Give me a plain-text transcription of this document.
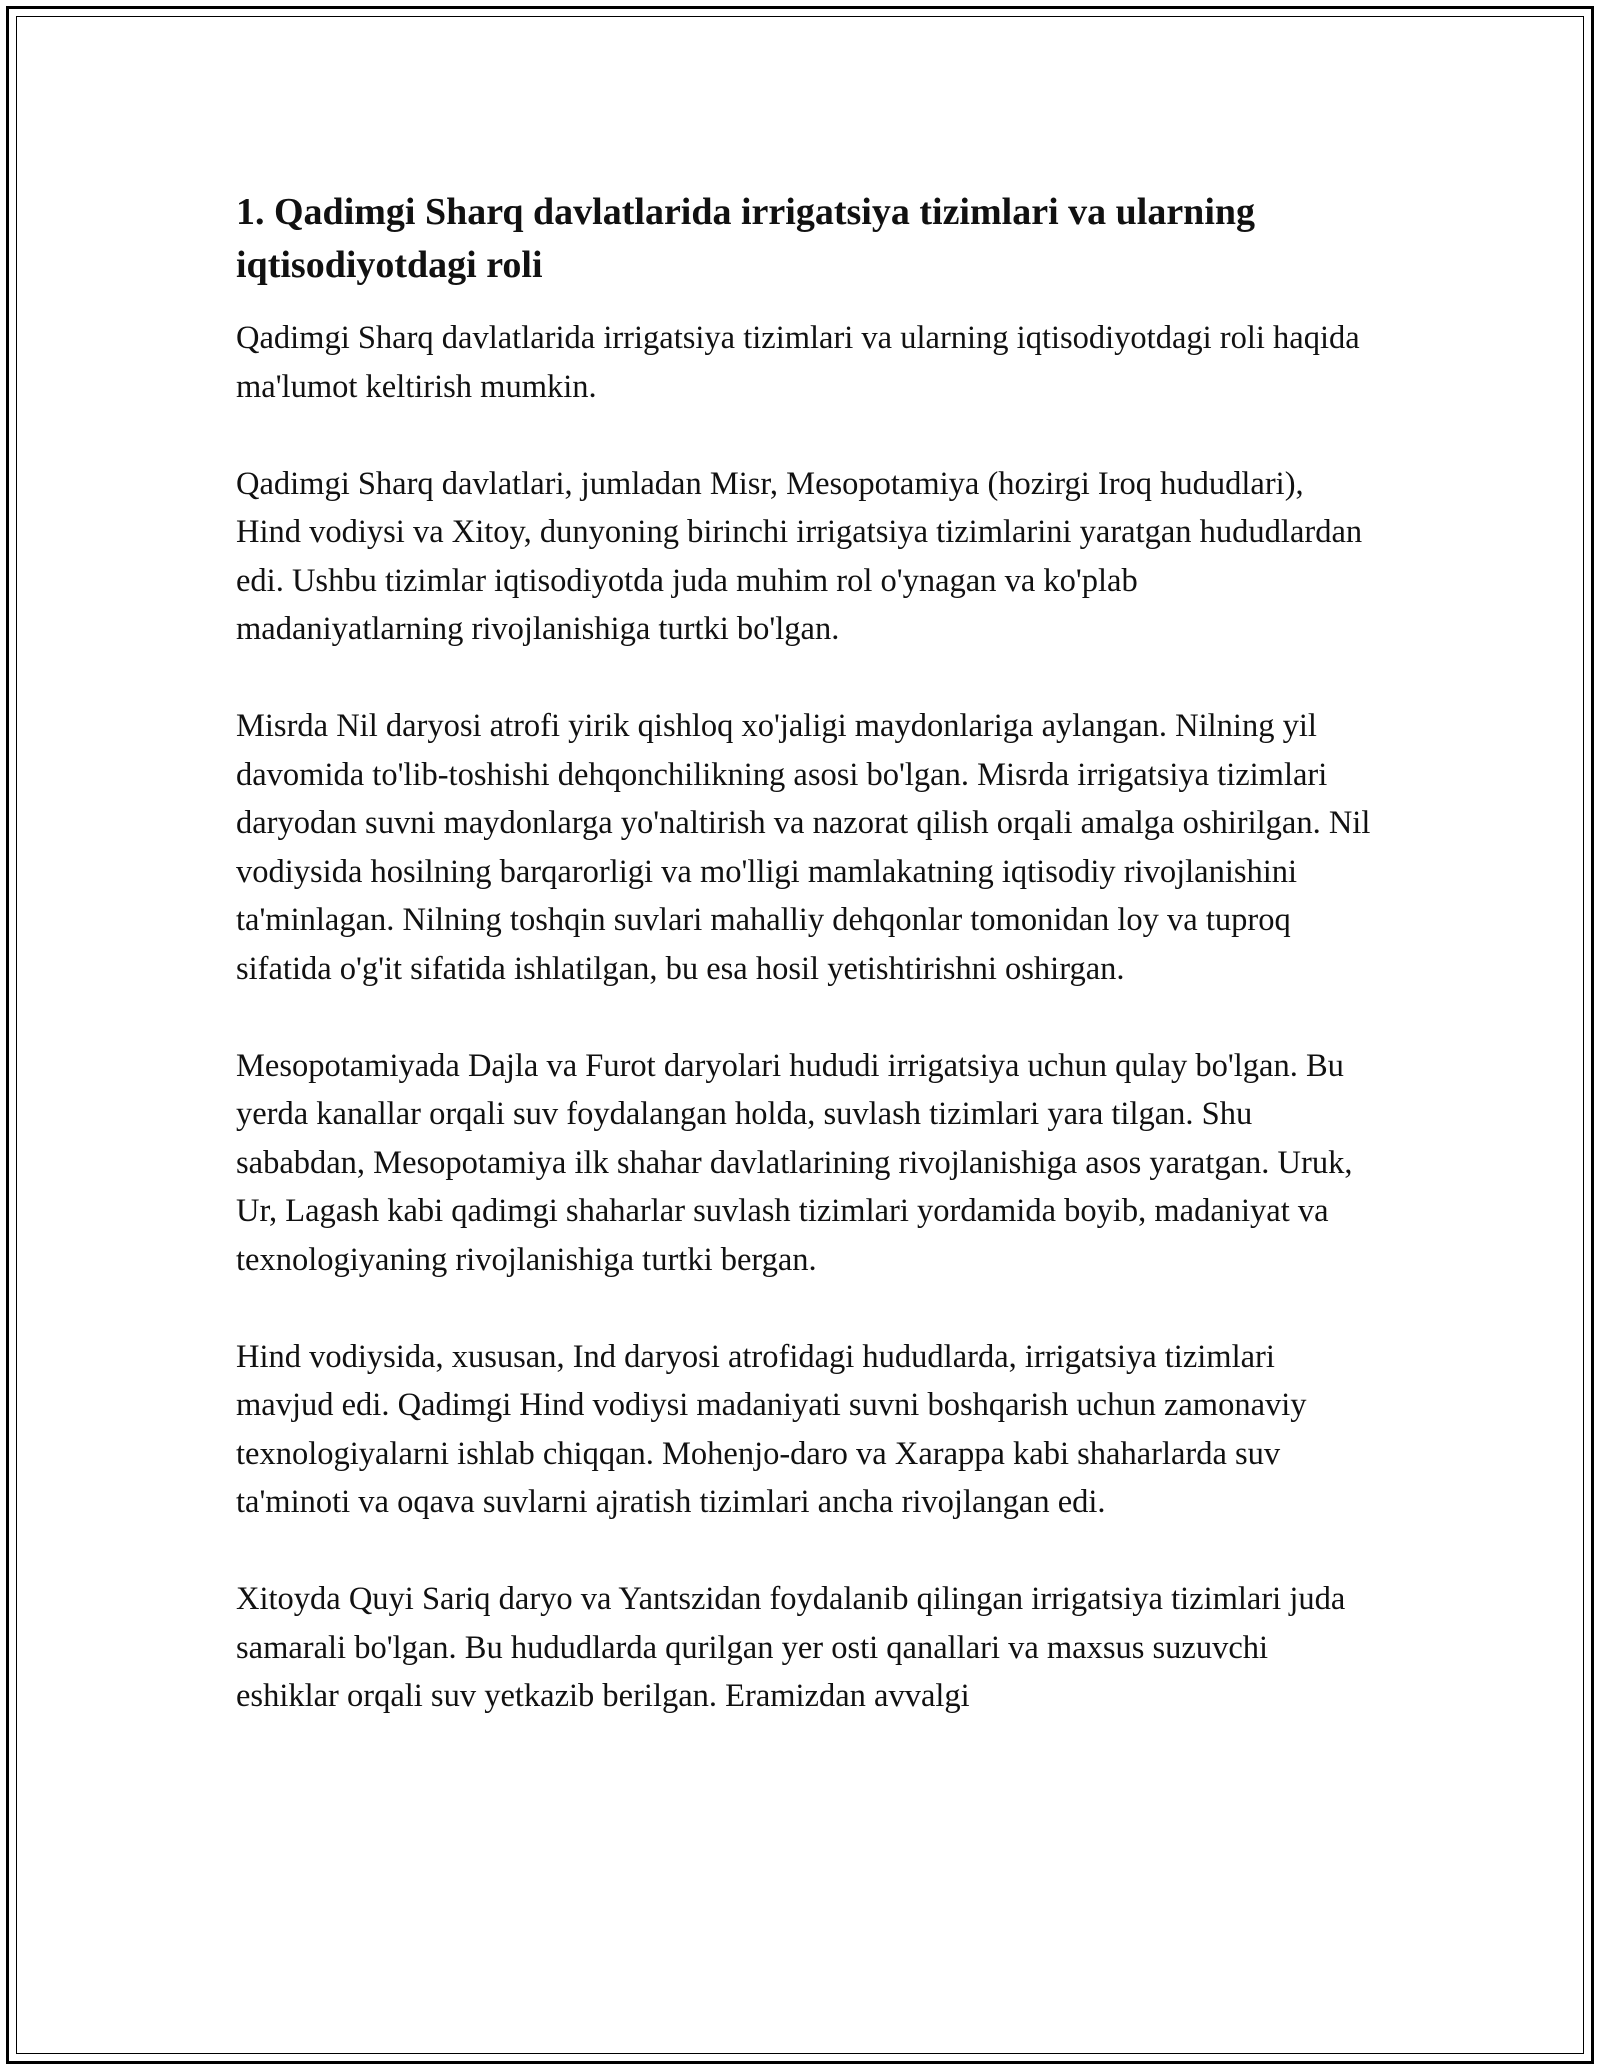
1. Qadimgi Sharq davlatlarida irrigatsiya tizimlari va ularning iqtisodiyotdagi roli

Qadimgi Sharq davlatlarida irrigatsiya tizimlari va ularning iqtisodiyotdagi roli haqida ma'lumot keltirish mumkin.

Qadimgi Sharq davlatlari, jumladan Misr, Mesopotamiya (hozirgi Iroq hududlari), Hind vodiysi va Xitoy, dunyoning birinchi irrigatsiya tizimlarini yaratgan hududlardan edi. Ushbu tizimlar iqtisodiyotda juda muhim rol o'ynagan va ko'plab madaniyatlarning rivojlanishiga turtki bo'lgan.

Misrda Nil daryosi atrofi yirik qishloq xo'jaligi maydonlariga aylangan. Nilning yil davomida to'lib-toshishi dehqonchilikning asosi bo'lgan. Misrda irrigatsiya tizimlari daryodan suvni maydonlarga yo'naltirish va nazorat qilish orqali amalga oshirilgan. Nil vodiysida hosilning barqarorligi va mo'lligi mamlakatning iqtisodiy rivojlanishini ta'minlagan. Nilning toshqin suvlari mahalliy dehqonlar tomonidan loy va tuproq sifatida o'g'it sifatida ishlatilgan, bu esa hosil yetishtirishni oshirgan.

Mesopotamiyada Dajla va Furot daryolari hududi irrigatsiya uchun qulay bo'lgan. Bu yerda kanallar orqali suv foydalangan holda, suvlash tizimlari yara tilgan. Shu sababdan, Mesopotamiya ilk shahar davlatlarining rivojlanishiga asos yaratgan. Uruk, Ur, Lagash kabi qadimgi shaharlar suvlash tizimlari yordamida boyib, madaniyat va texnologiyaning rivojlanishiga turtki bergan.

Hind vodiysida, xususan, Ind daryosi atrofidagi hududlarda, irrigatsiya tizimlari mavjud edi. Qadimgi Hind vodiysi madaniyati suvni boshqarish uchun zamonaviy texnologiyalarni ishlab chiqqan. Mohenjo-daro va Xarappa kabi shaharlarda suv ta'minoti va oqava suvlarni ajratish tizimlari ancha rivojlangan edi.

Xitoyda Quyi Sariq daryo va Yantszidan foydalanib qilingan irrigatsiya tizimlari juda samarali bo'lgan. Bu hududlarda qurilgan yer osti qanallari va maxsus suzuvchi eshiklar orqali suv yetkazib berilgan. Eramizdan avvalgi
